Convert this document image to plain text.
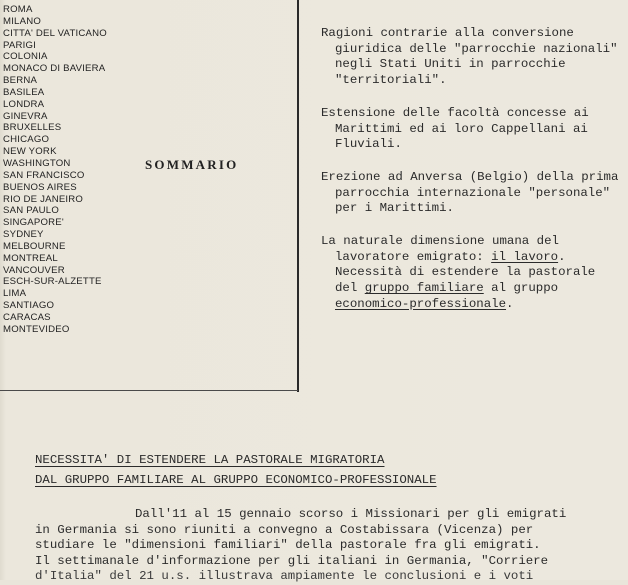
ROMA
MILANO
CITTA' DEL VATICANO
PARIGI
COLONIA
MONACO DI BAVIERA
BERNA
BASILEA
LONDRA
GINEVRA
BRUXELLES
CHICAGO
NEW YORK
WASHINGTON
SAN FRANCISCO
BUENOS AIRES
RIO DE JANEIRO
SAN PAULO
SINGAPORE'
SYDNEY
MELBOURNE
MONTREAL
VANCOUVER
ESCH-SUR-ALZETTE
LIMA
SANTIAGO
CARACAS
MONTEVIDEO
SOMMARIO
Ragioni contrarie alla conversione giuridica delle "parrocchie nazionali" negli Stati Uniti in parrocchie "territoriali".
Estensione delle facoltà concesse ai Marittimi ed ai loro Cappellani ai Fluviali.
Erezione ad Anversa (Belgio) della prima parrocchia internazionale "personale" per i Marittimi.
La naturale dimensione umana del lavoratore emigrato: il lavoro. Necessità di estendere la pastorale del gruppo familiare al gruppo economico-professionale.
NECESSITA' DI ESTENDERE LA PASTORALE MIGRATORIA
DAL GRUPPO FAMILIARE AL GRUPPO ECONOMICO-PROFESSIONALE
Dall'11 al 15 gennaio scorso i Missionari per gli emigrati
in Germania si sono riuniti a convegno a Costabissara (Vicenza) per
studiare le "dimensioni familiari" della pastorale fra gli emigrati.
Il settimanale d'informazione per gli italiani in Germania, "Corriere
d'Italia" del 21 u.s. illustrava ampiamente le conclusioni e i voti
